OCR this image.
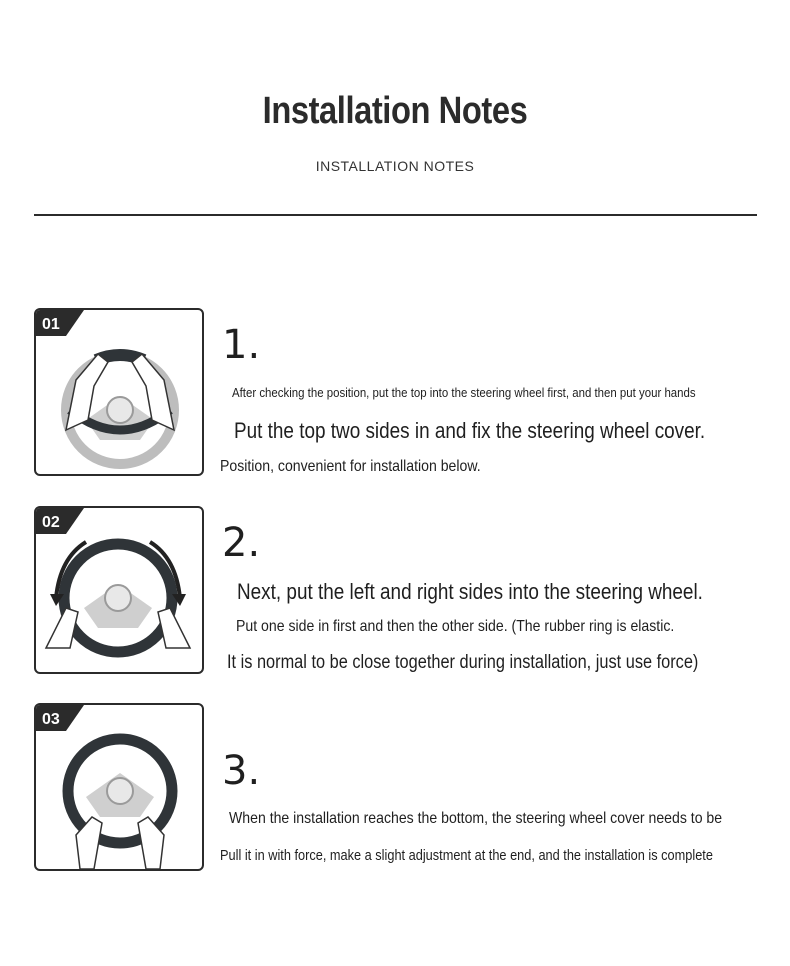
Installation Notes
INSTALLATION NOTES
01	1.
After checking the position, put the top into the steering wheel first, and then put your hands
Put the top two sides in and fix the steering wheel cover.
Position, convenient for installation below.
02	2.
Next, put the left and right sides into the steering wheel.
Put one side in first and then the other side. (The rubber ring is elastic.
It is normal to be close together during installation, just use force)
03
3.
When the installation reaches the bottom, the steering wheel cover needs to be
Pull it in with force, make a slight adjustment at the end, and the installation is complete
